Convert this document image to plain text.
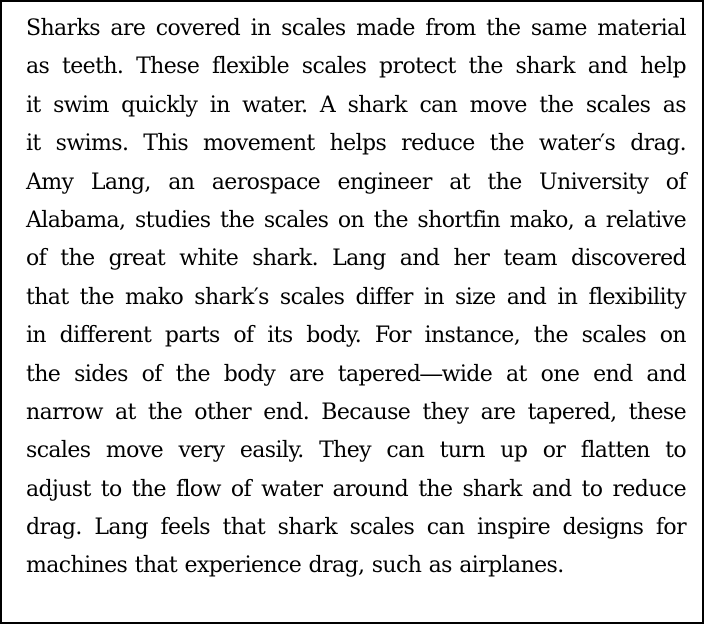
Sharks are covered in scales made from the same material
as teeth. These flexible scales protect the shark and help
it swim quickly in water. A shark can move the scales as
it swims. This movement helps reduce the water′s drag.
Amy Lang, an aerospace engineer at the University of
Alabama, studies the scales on the shortfin mako, a relative
of the great white shark. Lang and her team discovered
that the mako shark′s scales differ in size and in flexibility
in different parts of its body. For instance, the scales on
the sides of the body are tapered―wide at one end and
narrow at the other end. Because they are tapered, these
scales move very easily. They can turn up or flatten to
adjust to the flow of water around the shark and to reduce
drag. Lang feels that shark scales can inspire designs for
machines that experience drag, such as airplanes.
